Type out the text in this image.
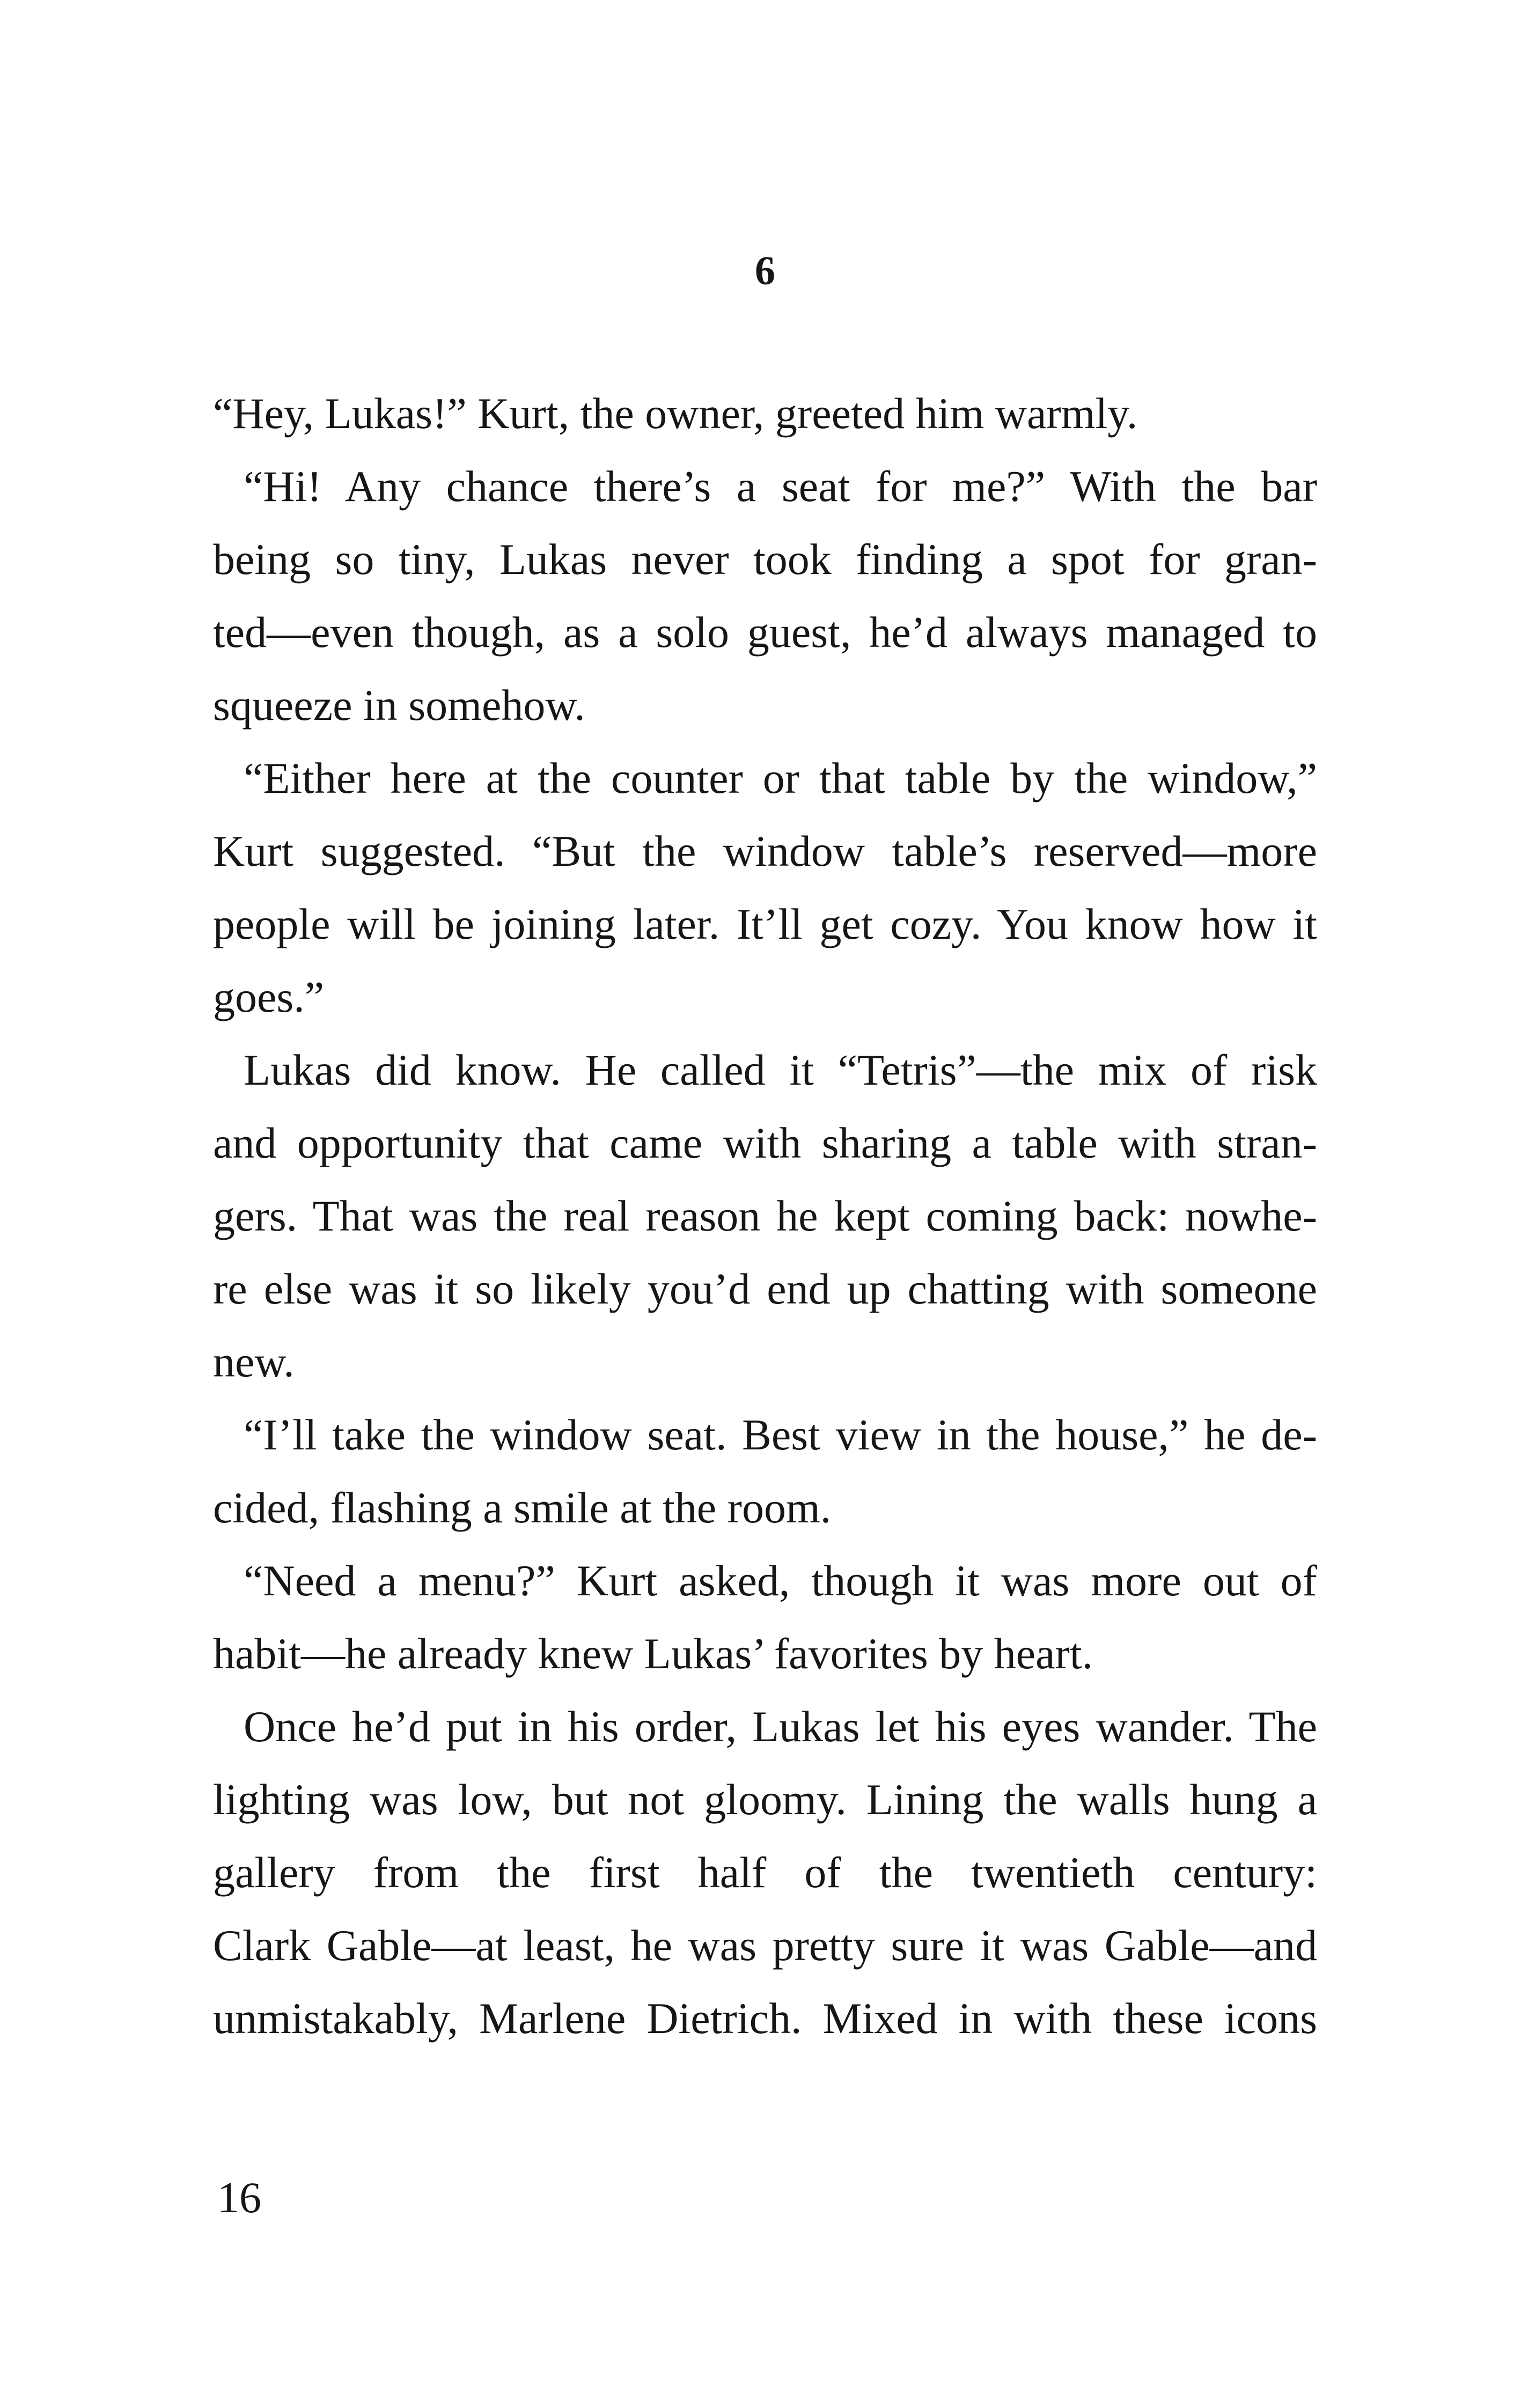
6
“Hey, Lukas!” Kurt, the owner, greeted him warmly.
“Hi! Any chance there’s a seat for me?” With the bar
being so tiny, Lukas never took finding a spot for gran-
ted—even though, as a solo guest, he’d always managed to
squeeze in somehow.
“Either here at the counter or that table by the window,”
Kurt suggested. “But the window table’s reserved—more
people will be joining later. It’ll get cozy. You know how it
goes.”
Lukas did know. He called it “Tetris”—the mix of risk
and opportunity that came with sharing a table with stran-
gers. That was the real reason he kept coming back: nowhe-
re else was it so likely you’d end up chatting with someone
new.
“I’ll take the window seat. Best view in the house,” he de-
cided, flashing a smile at the room.
“Need a menu?” Kurt asked, though it was more out of
habit—he already knew Lukas’ favorites by heart.
Once he’d put in his order, Lukas let his eyes wander. The
lighting was low, but not gloomy. Lining the walls hung a
gallery from the first half of the twentieth century:
Clark Gable—at least, he was pretty sure it was Gable—and
unmistakably, Marlene Dietrich. Mixed in with these icons
16
